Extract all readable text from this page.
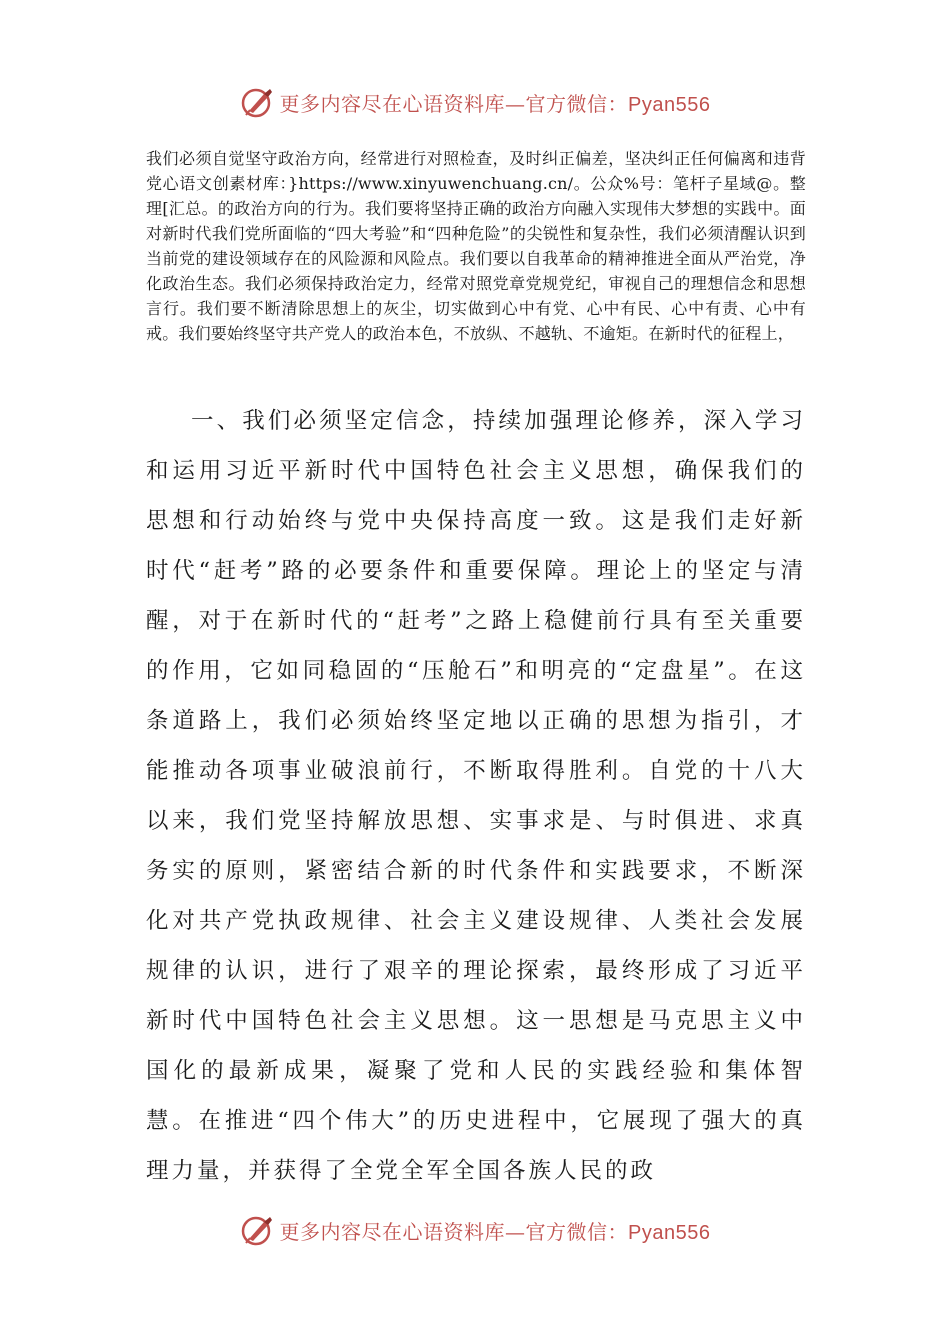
更多内容尽在心语资料库—官方微信：Pyan556
我们必须自觉坚守政治方向，经常进行对照检查，及时纠正偏差，坚决纠正任何偏离和违背党心语文创素材库：}https://www.xinyuwenchuang.cn/。公众%号：笔杆子星域@。整理[汇总。的政治方向的行为。我们要将坚持正确的政治方向融入实现伟大梦想的实践中。面对新时代我们党所面临的“四大考验”和“四种危险”的尖锐性和复杂性，我们必须清醒认识到当前党的建设领域存在的风险源和风险点。我们要以自我革命的精神推进全面从严治党，净化政治生态。我们必须保持政治定力，经常对照党章党规党纪，审视自己的理想信念和思想言行。我们要不断清除思想上的灰尘，切实做到心中有党、心中有民、心中有责、心中有戒。我们要始终坚守共产党人的政治本色，不放纵、不越轨、不逾矩。在新时代的征程上，

一、我们必须坚定信念，持续加强理论修养，深入学习和运用习近平新时代中国特色社会主义思想，确保我们的思想和行动始终与党中央保持高度一致。这是我们走好新时代“赶考”路的必要条件和重要保障。理论上的坚定与清醒，对于在新时代的“赶考”之路上稳健前行具有至关重要的作用，它如同稳固的“压舱石”和明亮的“定盘星”。在这条道路上，我们必须始终坚定地以正确的思想为指引，才能推动各项事业破浪前行，不断取得胜利。自党的十八大以来，我们党坚持解放思想、实事求是、与时俱进、求真务实的原则，紧密结合新的时代条件和实践要求，不断深化对共产党执政规律、社会主义建设规律、人类社会发展规律的认识，进行了艰辛的理论探索，最终形成了习近平新时代中国特色社会主义思想。这一思想是马克思主义中国化的最新成果，凝聚了党和人民的实践经验和集体智慧。在推进“四个伟大”的历史进程中，它展现了强大的真理力量，并获得了全党全军全国各族人民的政

更多内容尽在心语资料库—官方微信：Pyan556
